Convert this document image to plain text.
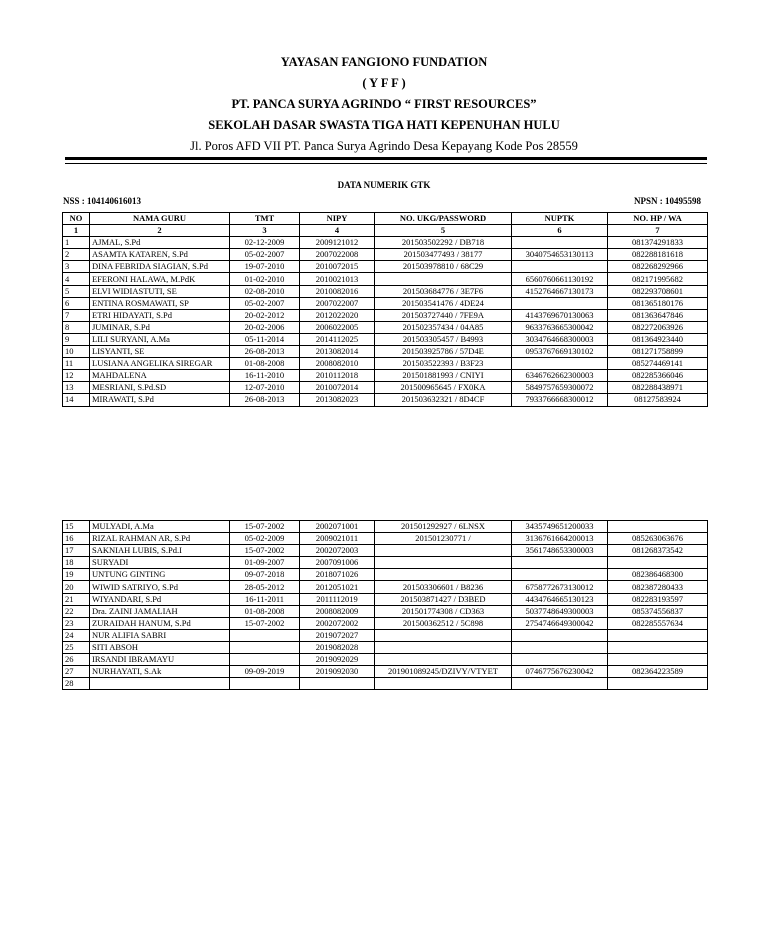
YAYASAN FANGIONO FUNDATION
( Y F F )
PT. PANCA SURYA AGRINDO “ FIRST RESOURCES”
SEKOLAH DASAR SWASTA TIGA HATI KEPENUHAN HULU
Jl. Poros AFD VII PT. Panca Surya Agrindo Desa Kepayang Kode Pos 28559
DATA NUMERIK GTK
NSS : 104140616013	NPSN : 10495598
NO	NAMA GURU	TMT	NIPY	NO. UKG/PASSWORD	NUPTK	NO. HP / WA
1	2	3	4	5	6	7
1	AJMAL, S.Pd	02-12-2009	2009121012	201503502292 / DB718		081374291833
2	ASAMTA KATAREN, S.Pd	05-02-2007	2007022008	201503477493 / 38177	3040754653130113	082288181618
3	DINA FEBRIDA SIAGIAN, S.Pd	19-07-2010	2010072015	201503978810 / 68C29		082268292966
4	EFERONI HALAWA, M.PdK	01-02-2010	2010021013		6560760661130192	082171995682
5	ELVI WIDIASTUTI, SE	02-08-2010	2010082016	201503684776 / 3E7F6	4152764667130173	082293708601
6	ENTINA ROSMAWATI, SP	05-02-2007	2007022007	201503541476 / 4DE24		081365180176
7	ETRI HIDAYATI, S.Pd	20-02-2012	2012022020	201503727440 / 7FE9A	4143769670130063	081363647846
8	JUMINAR, S.Pd	20-02-2006	2006022005	201502357434 / 04A85	9633763665300042	082272063926
9	LILI SURYANI, A.Ma	05-11-2014	2014112025	201503305457 / B4993	3034764668300003	081364923440
10	LISYANTI, SE	26-08-2013	2013082014	201503925786 / 57D4E	0953767669130102	081271758899
11	LUSIANA ANGELIKA SIREGAR	01-08-2008	2008082010	201503522393 / B3F23		085274469141
12	MAHDALENA	16-11-2010	2010112018	201501881993 / CNIYI	6346762662300003	082285366046
13	MESRIANI, S.Pd.SD	12-07-2010	2010072014	201500965645 / FX0KA	5849757659300072	082288438971
14	MIRAWATI, S.Pd	26-08-2013	2013082023	201503632321 / 8D4CF	7933766668300012	08127583924
15	MULYADI, A.Ma	15-07-2002	2002071001	201501292927 / 6LNSX	3435749651200033	
16	RIZAL RAHMAN AR, S.Pd	05-02-2009	2009021011	201501230771 /	3136761664200013	085263063676
17	SAKNIAH LUBIS, S.Pd.I	15-07-2002	2002072003		3561748653300003	081268373542
18	SURYADI	01-09-2007	2007091006			
19	UNTUNG GINTING	09-07-2018	2018071026			082386468300
20	WIWID SATRIYO, S.Pd	28-05-2012	2012051021	201503306601 / B8236	6758772673130012	082387280433
21	WIYANDARI, S.Pd	16-11-2011	2011112019	201503871427 / D3BED	4434764665130123	082283193597
22	Dra. ZAINI JAMALIAH	01-08-2008	2008082009	201501774308 / CD363	5037748649300003	085374556837
23	ZURAIDAH HANUM, S.Pd	15-07-2002	2002072002	201500362512 / 5C898	2754746649300042	082285557634
24	NUR ALIFIA SABRI		2019072027			
25	SITI ABSOH		2019082028			
26	IRSANDI IBRAMAYU		2019092029			
27	NURHAYATI, S.Ak	09-09-2019	2019092030	201901089245/DZIVY/VTYET	0746775676230042	082364223589
28						
